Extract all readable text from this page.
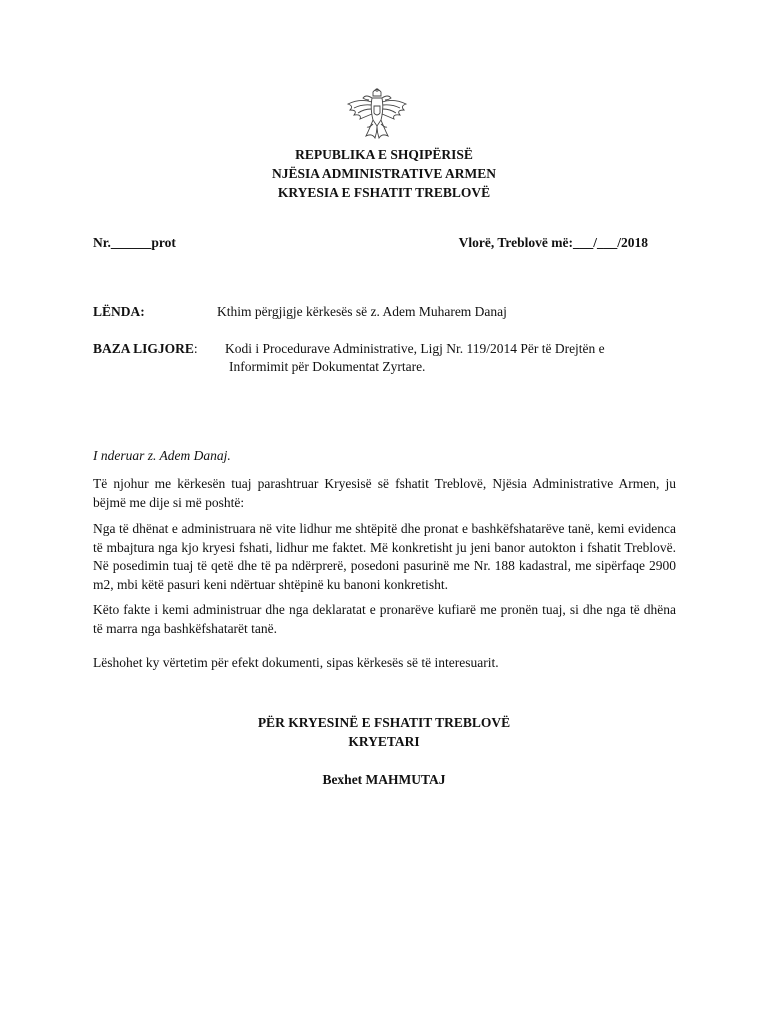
REPUBLIKA E SHQIPËRISË
NJËSIA ADMINISTRATIVE ARMEN
KRYESIA E FSHATIT TREBLOVË
Nr.______prot	Vlorë, Treblovë më:___/___/2018
LËNDA:	Kthim përgjigje kërkesës së z. Adem Muharem Danaj
BAZA LIGJORE: Kodi i Procedurave Administrative, Ligj Nr. 119/2014 Për të Drejtën e
Informimit për Dokumentat Zyrtare.
I nderuar z. Adem Danaj.

Të njohur me kërkesën tuaj parashtruar Kryesisë së fshatit Treblovë, Njësia Administrative Armen, ju bëjmë me dije si më poshtë:

Nga të dhënat e administruara në vite lidhur me shtëpitë dhe pronat e bashkëfshatarëve tanë, kemi evidenca të mbajtura nga kjo kryesi fshati, lidhur me faktet. Më konkretisht ju jeni banor autokton i fshatit Treblovë. Në posedimin tuaj të qetë dhe të pa ndërprerë, posedoni pasurinë me Nr. 188 kadastral, me sipërfaqe 2900 m2, mbi këtë pasuri keni ndërtuar shtëpinë ku banoni konkretisht.

Këto fakte i kemi administruar dhe nga deklaratat e pronarëve kufiarë me pronën tuaj, si dhe nga të dhëna të marra nga bashkëfshatarët tanë.

Lëshohet ky vërtetim për efekt dokumenti, sipas kërkesës së të interesuarit.

PËR KRYESINË E FSHATIT TREBLOVË
KRYETARI
Bexhet MAHMUTAJ
